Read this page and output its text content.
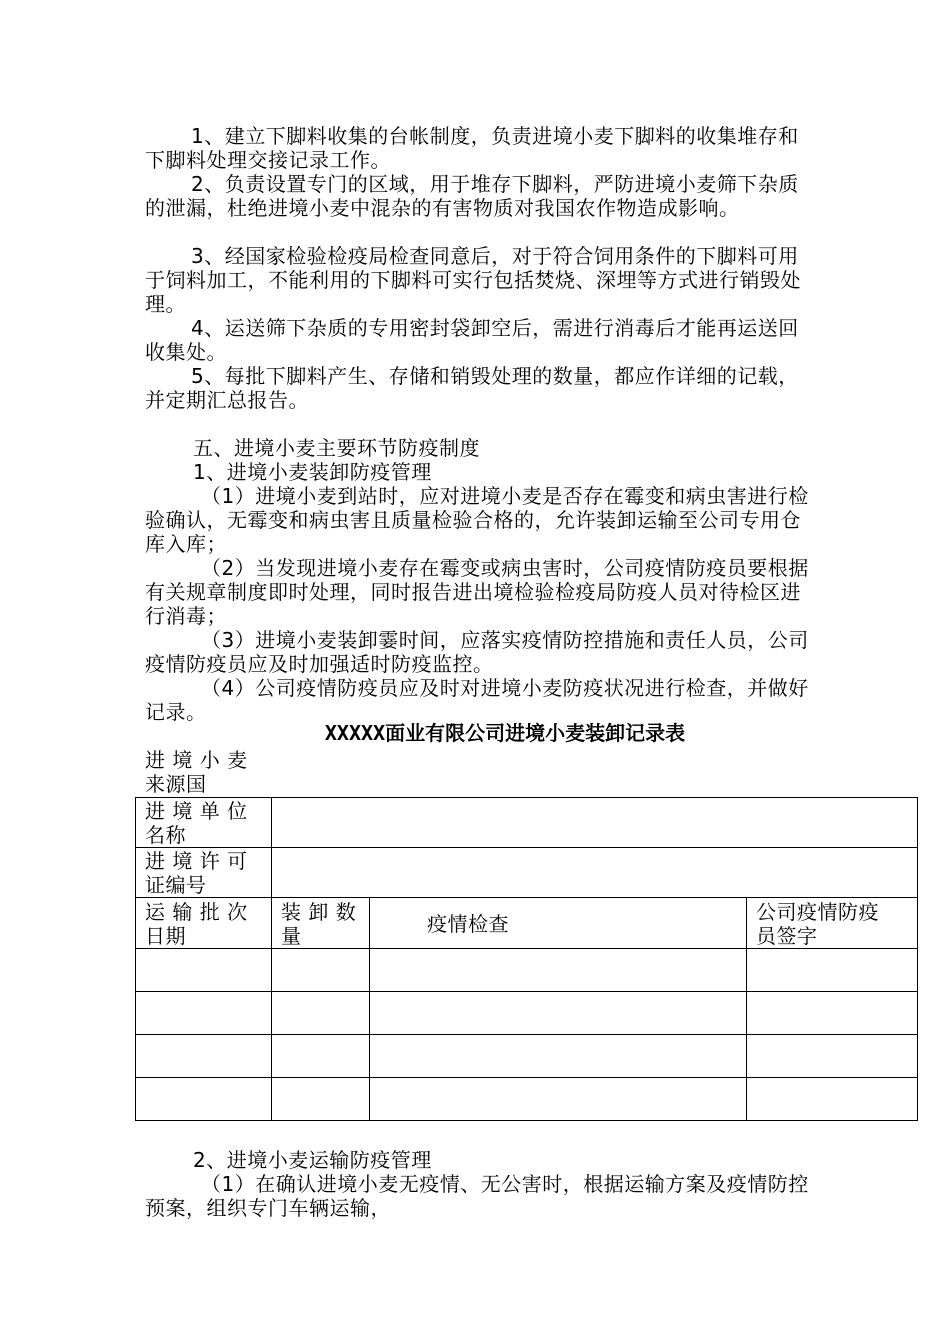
1、建立下脚料收集的台帐制度，负责进境小麦下脚料的收集堆存和下脚料处理交接记录工作。

2、负责设置专门的区域，用于堆存下脚料，严防进境小麦筛下杂质的泄漏，杜绝进境小麦中混杂的有害物质对我国农作物造成影响。

3、经国家检验检疫局检查同意后，对于符合饲用条件的下脚料可用于饲料加工，不能利用的下脚料可实行包括焚烧、深埋等方式进行销毁处理。

4、运送筛下杂质的专用密封袋卸空后，需进行消毒后才能再运送回收集处。

5、每批下脚料产生、存储和销毁处理的数量，都应作详细的记载，并定期汇总报告。

五、进境小麦主要环节防疫制度

1、进境小麦装卸防疫管理

（1）进境小麦到站时，应对进境小麦是否存在霉变和病虫害进行检验确认，无霉变和病虫害且质量检验合格的，允许装卸运输至公司专用仓库入库；

（2）当发现进境小麦存在霉变或病虫害时，公司疫情防疫员要根据有关规章制度即时处理，同时报告进出境检验检疫局防疫人员对待检区进行消毒；

（3）进境小麦装卸霎时间，应落实疫情防控措施和责任人员，公司疫情防疫员应及时加强适时防疫监控。

（4）公司疫情防疫员应及时对进境小麦防疫状况进行检查，并做好记录。

XXXXX面业有限公司进境小麦装卸记录表
进 境 小 麦
来源国
进 境 单 位
名称
进 境 许 可
证编号
运 输 批 次
日期
装 卸 数
量	疫情检查	公司疫情防疫
员签字

2、进境小麦运输防疫管理

（1）在确认进境小麦无疫情、无公害时，根据运输方案及疫情防控预案，组织专门车辆运输，
